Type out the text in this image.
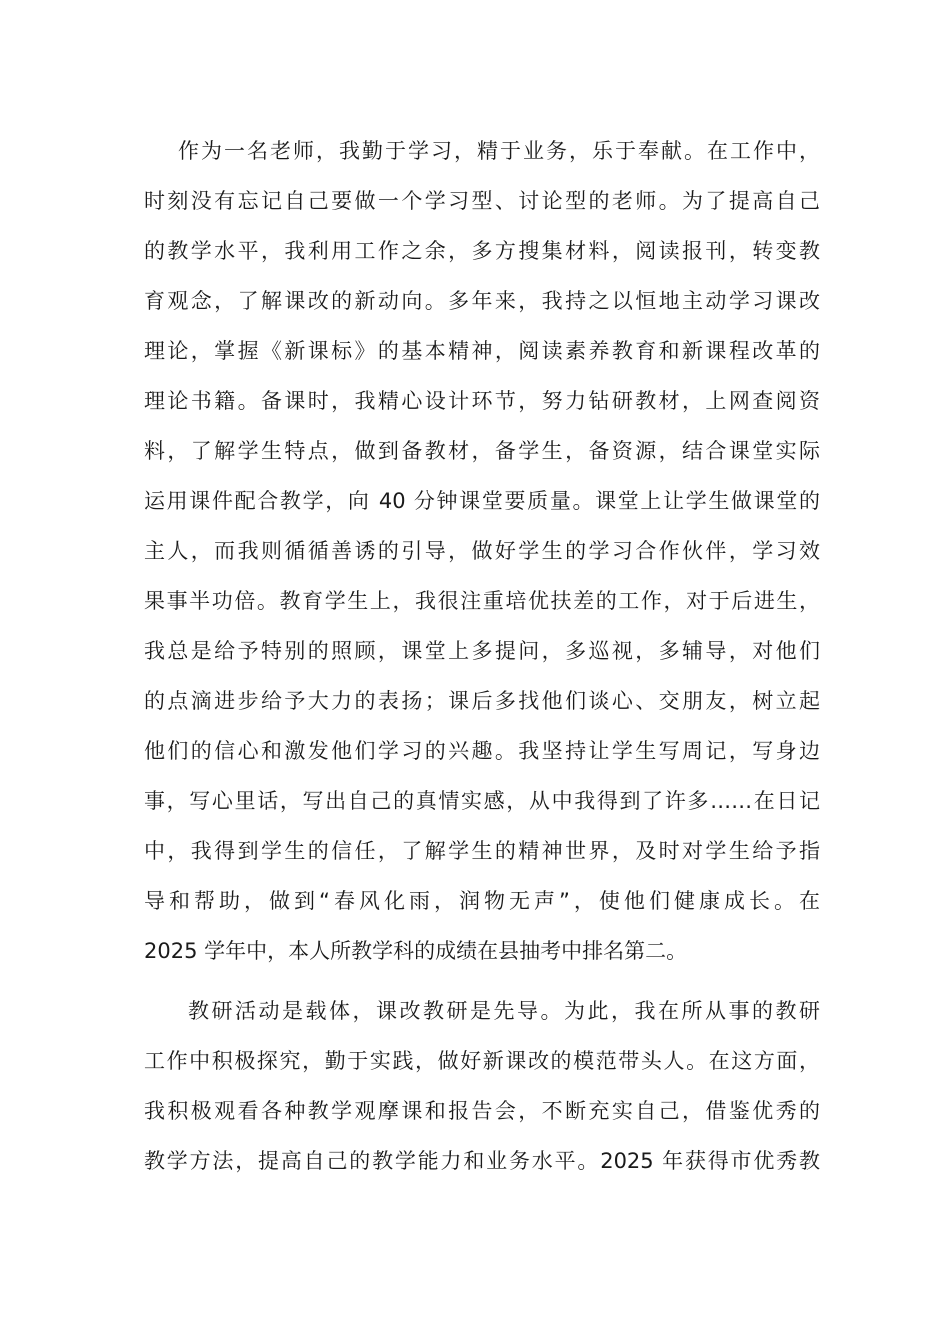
作为一名老师，我勤于学习，精于业务，乐于奉献。在工作中，
时刻没有忘记自己要做一个学习型、讨论型的老师。为了提高自己
的教学水平，我利用工作之余，多方搜集材料，阅读报刊，转变教
育观念，了解课改的新动向。多年来，我持之以恒地主动学习课改
理论，掌握《新课标》的基本精神，阅读素养教育和新课程改革的
理论书籍。备课时，我精心设计环节，努力钻研教材，上网查阅资
料，了解学生特点，做到备教材，备学生，备资源，结合课堂实际
运用课件配合教学，向 40 分钟课堂要质量。课堂上让学生做课堂的
主人，而我则循循善诱的引导，做好学生的学习合作伙伴，学习效
果事半功倍。教育学生上，我很注重培优扶差的工作，对于后进生，
我总是给予特别的照顾，课堂上多提问，多巡视，多辅导，对他们
的点滴进步给予大力的表扬；课后多找他们谈心、交朋友，树立起
他们的信心和激发他们学习的兴趣。我坚持让学生写周记，写身边
事，写心里话，写出自己的真情实感，从中我得到了许多……在日记
中，我得到学生的信任，了解学生的精神世界，及时对学生给予指
导和帮助，做到“春风化雨，润物无声”，使他们健康成长。在
2025 学年中，本人所教学科的成绩在县抽考中排名第二。

教研活动是载体，课改教研是先导。为此，我在所从事的教研
工作中积极探究，勤于实践，做好新课改的模范带头人。在这方面，
我积极观看各种教学观摩课和报告会，不断充实自己，借鉴优秀的
教学方法，提高自己的教学能力和业务水平。2025 年获得市优秀教
